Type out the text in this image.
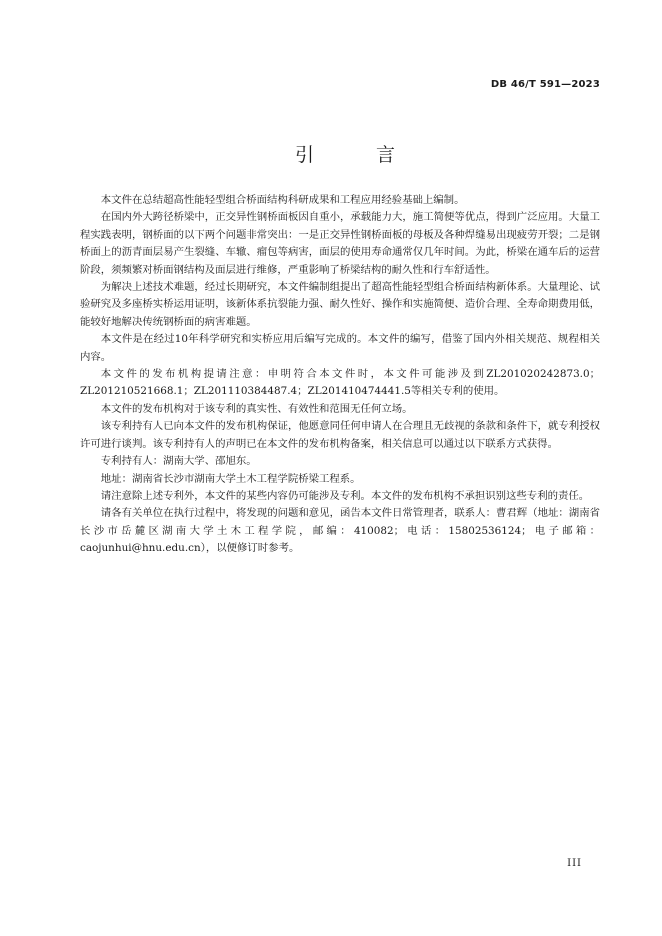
DB 46/T 591—2023

引 言

本文件在总结超高性能轻型组合桥面结构科研成果和工程应用经验基础上编制。

在国内外大跨径桥梁中，正交异性钢桥面板因自重小，承载能力大，施工简便等优点，得到广泛应用。大量工程实践表明，钢桥面的以下两个问题非常突出：一是正交异性钢桥面板的母板及各种焊缝易出现疲劳开裂；二是钢桥面上的沥青面层易产生裂缝、车辙、瘤包等病害，面层的使用寿命通常仅几年时间。为此，桥梁在通车后的运营阶段，须频繁对桥面钢结构及面层进行维修，严重影响了桥梁结构的耐久性和行车舒适性。

为解决上述技术难题，经过长期研究，本文件编制组提出了超高性能轻型组合桥面结构新体系。大量理论、试验研究及多座桥实桥运用证明，该新体系抗裂能力强、耐久性好、操作和实施简便、造价合理、全寿命期费用低，能较好地解决传统钢桥面的病害难题。

本文件是在经过10年科学研究和实桥应用后编写完成的。本文件的编写，借鉴了国内外相关规范、规程相关内容。

本文件的发布机构提请注意：申明符合本文件时，本文件可能涉及到ZL201020242873.0；ZL201210521668.1；ZL201110384487.4；ZL201410474441.5等相关专利的使用。

本文件的发布机构对于该专利的真实性、有效性和范围无任何立场。

该专利持有人已向本文件的发布机构保证，他愿意同任何申请人在合理且无歧视的条款和条件下，就专利授权许可进行谈判。该专利持有人的声明已在本文件的发布机构备案，相关信息可以通过以下联系方式获得。

专利持有人：湖南大学、邵旭东。

地址：湖南省长沙市湖南大学土木工程学院桥梁工程系。

请注意除上述专利外，本文件的某些内容仍可能涉及专利。本文件的发布机构不承担识别这些专利的责任。

请各有关单位在执行过程中，将发现的问题和意见，函告本文件日常管理者，联系人：曹君辉（地址：湖南省长沙市岳麓区湖南大学土木工程学院，邮编：410082；电话：15802536124；电子邮箱：caojunhui@hnu.edu.cn），以便修订时参考。

III
